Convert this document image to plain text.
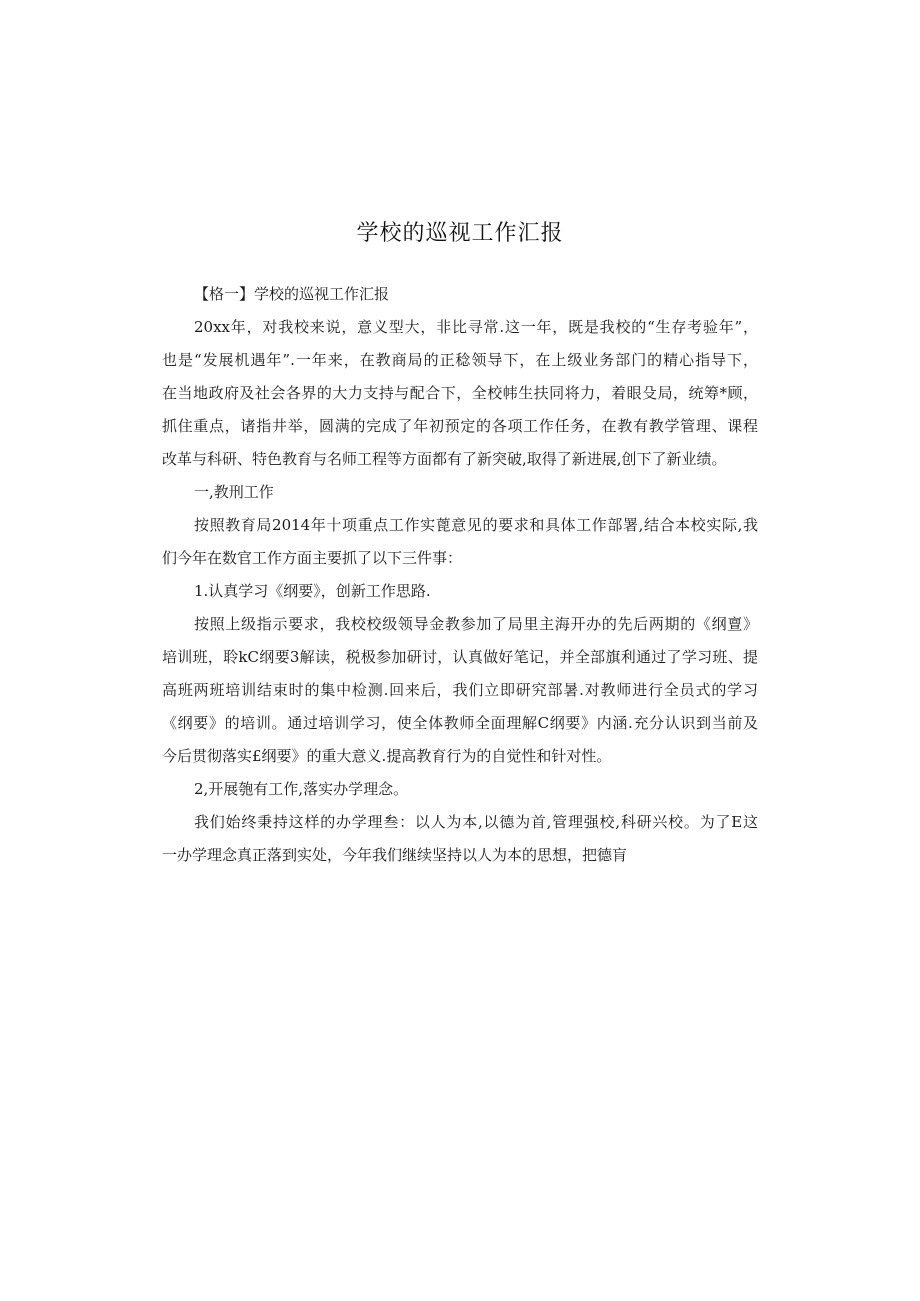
学校的巡视工作汇报
【格一】学校的巡视工作汇报
20xx年，对我校来说，意义型大，非比寻常.这一年，既是我校的“生存考验年”，
也是“发展机遇年”.一年来，在教商局的正稔领导下，在上级业务部门的精心指导下，
在当地政府及社会各界的大力支持与配合下，全校帏生扶同将力，着眼殳局，统筹*顾，
抓住重点，诸指井举，圆满的完成了年初预定的各项工作任务，在教有教学管理、课程
改革与科研、特色教育与名师工程等方面都有了新突破,取得了新进展,创下了新业绩。
一,教刑工作
按照教育局2014年十项重点工作实蓖意见的要求和具体工作部署,结合本校实际,我
们今年在数官工作方面主要抓了以下三件事：
1.认真学习《纲要》，创新工作思路.
按照上级指示要求，我校校级领导金教参加了局里主海开办的先后两期的《纲亶》
培训班，聆kC纲要3解读，税极参加研讨，认真做好笔记，并全部旗利通过了学习班、提
高班两班培训结束时的集中检测.回来后，我们立即研究部暑.对教师进行全员式的学习
《纲要》的培训。通过培训学习，使全体教师全面理解C纲要》内涵.充分认识到当前及
今后贯彻落实£纲要》的重大意义.提高教育行为的自觉性和针对性。
2,开展匏有工作,落实办学理念。
我们始终秉持这样的办学理叁：以人为本,以德为首,管理强校,科研兴校。为了E这
一办学理念真正落到实处，今年我们继续坚持以人为本的思想，把德肓
